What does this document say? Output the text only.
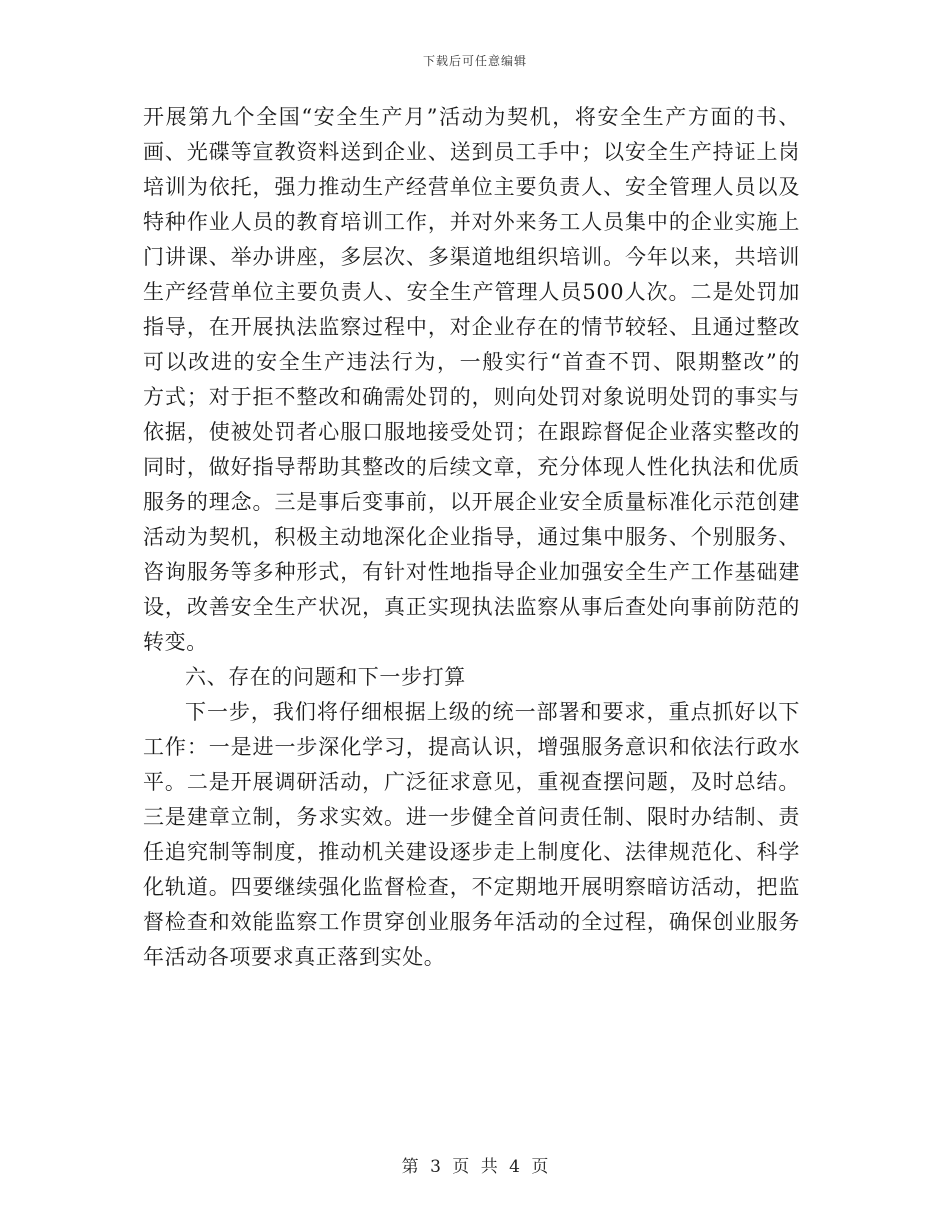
下载后可任意编辑
开展第九个全国“安全生产月”活动为契机，将安全生产方面的书、
画、光碟等宣教资料送到企业、送到员工手中；以安全生产持证上岗
培训为依托，强力推动生产经营单位主要负责人、安全管理人员以及
特种作业人员的教育培训工作，并对外来务工人员集中的企业实施上
门讲课、举办讲座，多层次、多渠道地组织培训。今年以来，共培训
生产经营单位主要负责人、安全生产管理人员500人次。二是处罚加
指导，在开展执法监察过程中，对企业存在的情节较轻、且通过整改
可以改进的安全生产违法行为，一般实行“首查不罚、限期整改”的
方式；对于拒不整改和确需处罚的，则向处罚对象说明处罚的事实与
依据，使被处罚者心服口服地接受处罚；在跟踪督促企业落实整改的
同时，做好指导帮助其整改的后续文章，充分体现人性化执法和优质
服务的理念。三是事后变事前，以开展企业安全质量标准化示范创建
活动为契机，积极主动地深化企业指导，通过集中服务、个别服务、
咨询服务等多种形式，有针对性地指导企业加强安全生产工作基础建
设，改善安全生产状况，真正实现执法监察从事后查处向事前防范的
转变。
六、存在的问题和下一步打算
下一步，我们将仔细根据上级的统一部署和要求，重点抓好以下
工作：一是进一步深化学习，提高认识，增强服务意识和依法行政水
平。二是开展调研活动，广泛征求意见，重视查摆问题，及时总结。
三是建章立制，务求实效。进一步健全首问责任制、限时办结制、责
任追究制等制度，推动机关建设逐步走上制度化、法律规范化、科学
化轨道。四要继续强化监督检查，不定期地开展明察暗访活动，把监
督检查和效能监察工作贯穿创业服务年活动的全过程，确保创业服务
年活动各项要求真正落到实处。
第 3 页 共 4 页
